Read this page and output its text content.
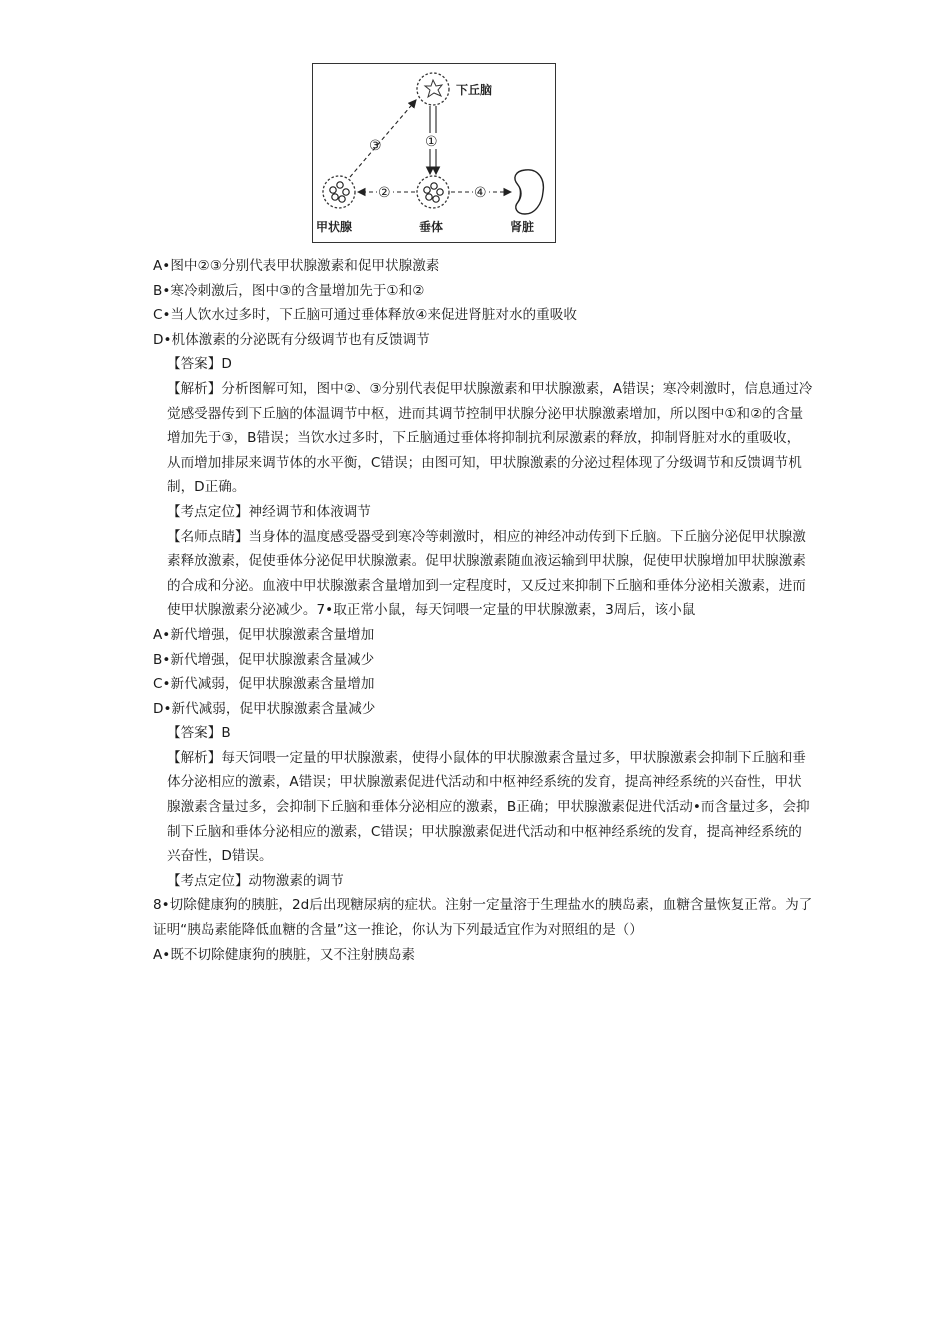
下丘脑
垂体
甲状腺	肾脏
①
②
③
④

A•图中②③分别代表甲状腺激素和促甲状腺激素

B•寒冷刺激后，图中③的含量增加先于①和②

C•当人饮水过多时，下丘脑可通过垂体释放④来促进肾脏对水的重吸收

D•机体激素的分泌既有分级调节也有反馈调节

【答案】D

【解析】分析图解可知，图中②、③分别代表促甲状腺激素和甲状腺激素，A错误；寒冷刺激时，信息通过冷觉感受器传到下丘脑的体温调节中枢，进而其调节控制甲状腺分泌甲状腺激素增加，所以图中①和②的含量增加先于③，B错误；当饮水过多时，下丘脑通过垂体将抑制抗利尿激素的释放，抑制肾脏对水的重吸收，从而增加排尿来调节体的水平衡，C错误；由图可知，甲状腺激素的分泌过程体现了分级调节和反馈调节机制，D正确。

【考点定位】神经调节和体液调节

【名师点睛】当身体的温度感受器受到寒冷等刺激时，相应的神经冲动传到下丘脑。下丘脑分泌促甲状腺激素释放激素，促使垂体分泌促甲状腺激素。促甲状腺激素随血液运输到甲状腺，促使甲状腺增加甲状腺激素的合成和分泌。血液中甲状腺激素含量增加到一定程度时，又反过来抑制下丘脑和垂体分泌相关激素，进而使甲状腺激素分泌减少。7•取正常小鼠，每天饲喂一定量的甲状腺激素，3周后，该小鼠

A•新代增强，促甲状腺激素含量增加

B•新代增强，促甲状腺激素含量减少

C•新代减弱，促甲状腺激素含量增加

D•新代减弱，促甲状腺激素含量减少

【答案】B

【解析】每天饲喂一定量的甲状腺激素，使得小鼠体的甲状腺激素含量过多，甲状腺激素会抑制下丘脑和垂体分泌相应的激素，A错误；甲状腺激素促进代活动和中枢神经系统的发育，提高神经系统的兴奋性，甲状腺激素含量过多，会抑制下丘脑和垂体分泌相应的激素，B正确；甲状腺激素促进代活动•而含量过多，会抑制下丘脑和垂体分泌相应的激素，C错误；甲状腺激素促进代活动和中枢神经系统的发育，提高神经系统的兴奋性，D错误。

【考点定位】动物激素的调节

8•切除健康狗的胰脏，2d后出现糖尿病的症状。注射一定量溶于生理盐水的胰岛素，血糖含量恢复正常。为了证明“胰岛素能降低血糖的含量”这一推论，你认为下列最适宜作为对照组的是（）

A•既不切除健康狗的胰脏，又不注射胰岛素
